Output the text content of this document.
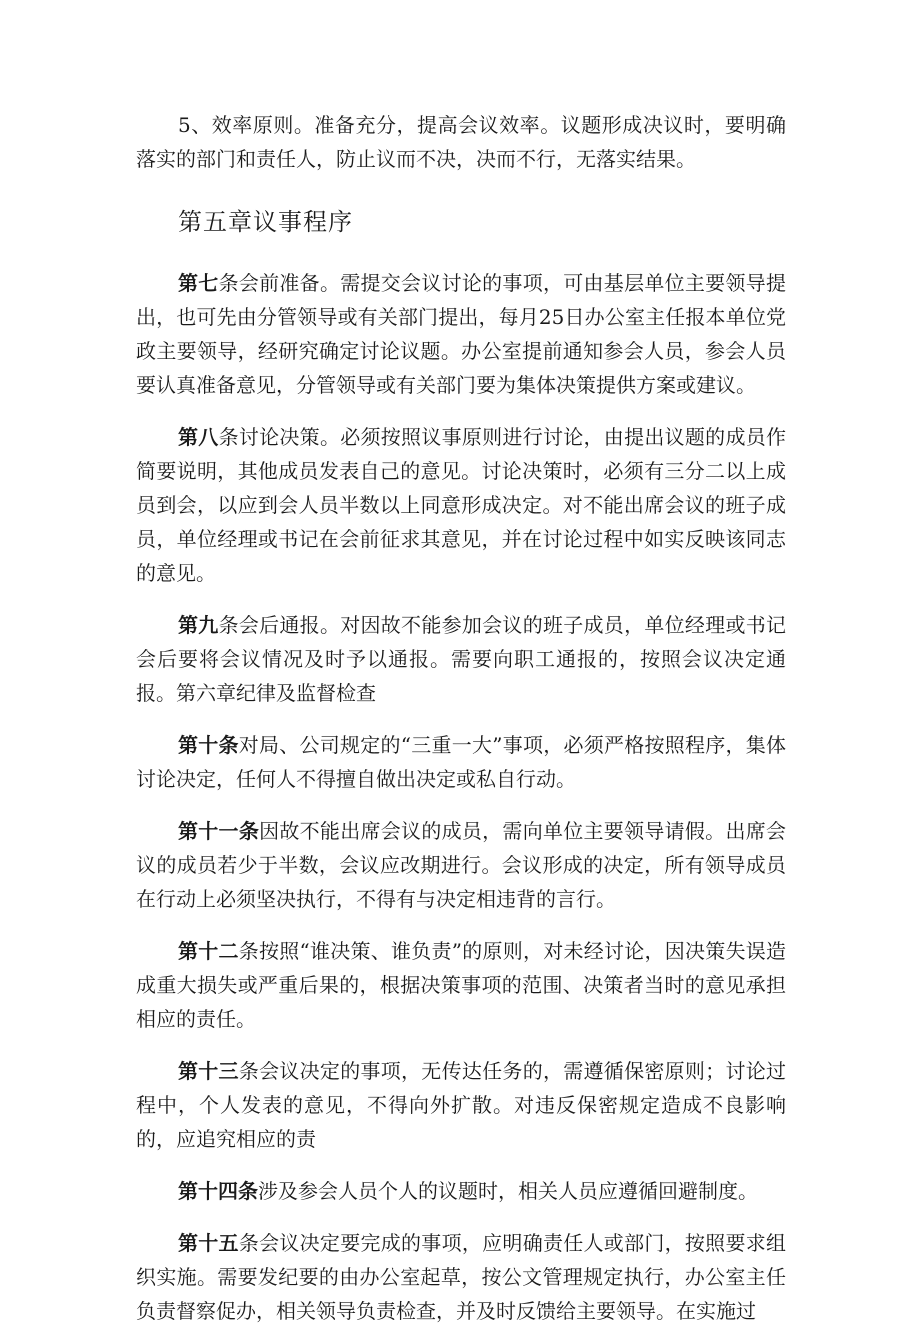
5、效率原则。准备充分，提高会议效率。议题形成决议时，要明确落实的部门和责任人，防止议而不决，决而不行，无落实结果。

第五章议事程序

第七条会前准备。需提交会议讨论的事项，可由基层单位主要领导提出，也可先由分管领导或有关部门提出，每月25日办公室主任报本单位党政主要领导，经研究确定讨论议题。办公室提前通知参会人员，参会人员要认真准备意见，分管领导或有关部门要为集体决策提供方案或建议。

第八条讨论决策。必须按照议事原则进行讨论，由提出议题的成员作简要说明，其他成员发表自己的意见。讨论决策时，必须有三分二以上成员到会，以应到会人员半数以上同意形成决定。对不能出席会议的班子成员，单位经理或书记在会前征求其意见，并在讨论过程中如实反映该同志的意见。

第九条会后通报。对因故不能参加会议的班子成员，单位经理或书记会后要将会议情况及时予以通报。需要向职工通报的，按照会议决定通报。第六章纪律及监督检查

第十条对局、公司规定的“三重一大”事项，必须严格按照程序，集体讨论决定，任何人不得擅自做出决定或私自行动。

第十一条因故不能出席会议的成员，需向单位主要领导请假。出席会议的成员若少于半数，会议应改期进行。会议形成的决定，所有领导成员在行动上必须坚决执行，不得有与决定相违背的言行。

第十二条按照“谁决策、谁负责”的原则，对未经讨论，因决策失误造成重大损失或严重后果的，根据决策事项的范围、决策者当时的意见承担相应的责任。

第十三条会议决定的事项，无传达任务的，需遵循保密原则；讨论过程中，个人发表的意见，不得向外扩散。对违反保密规定造成不良影响的，应追究相应的责

第十四条涉及参会人员个人的议题时，相关人员应遵循回避制度。

第十五条会议决定要完成的事项，应明确责任人或部门，按照要求组织实施。需要发纪要的由办公室起草，按公文管理规定执行，办公室主任负责督察促办，相关领导负责检查，并及时反馈给主要领导。在实施过
